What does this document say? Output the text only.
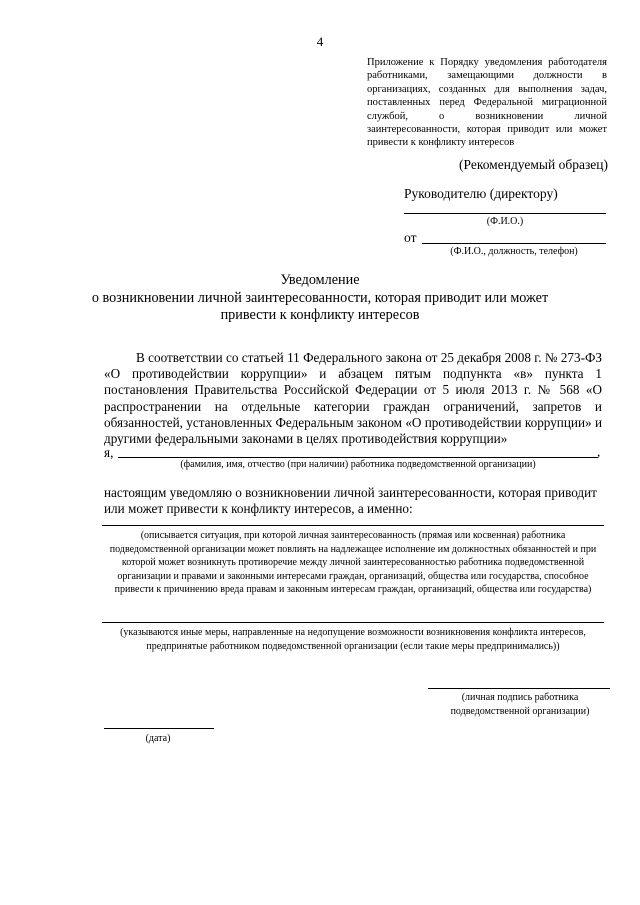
4
Приложение к Порядку уведомления работодателя работниками, замещающими должности в организациях, созданных для выполнения задач, поставленных перед Федеральной миграционной службой, о возникновении личной заинтересованности, которая приводит или может привести к конфликту интересов
(Рекомендуемый образец)
Руководителю (директору)
(Ф.И.О.)
от
(Ф.И.О., должность, телефон)
Уведомление
о возникновении личной заинтересованности, которая приводит или может
привести к конфликту интересов
В соответствии со статьей 11 Федерального закона от 25 декабря 2008 г. № 273-ФЗ «О противодействии коррупции» и абзацем пятым подпункта «в» пункта 1 постановления Правительства Российской Федерации от 5 июля 2013 г. № 568 «О распространении на отдельные категории граждан ограничений, запретов и обязанностей, установленных Федеральным законом «О противодействии коррупции» и другими федеральными законами в целях противодействия коррупции»
я,	,
(фамилия, имя, отчество (при наличии) работника подведомственной организации)
настоящим уведомляю о возникновении личной заинтересованности, которая приводит или может привести к конфликту интересов, а именно:
(описывается ситуация, при которой личная заинтересованность (прямая или косвенная) работника подведомственной организации может повлиять на надлежащее исполнение им должностных обязанностей и при которой может возникнуть противоречие между личной заинтересованностью работника подведомственной организации и правами и законными интересами граждан, организаций, общества или государства, способное привести к причинению вреда правам и законным интересам граждан, организаций, общества или государства)
(указываются иные меры, направленные на недопущение возможности возникновения конфликта интересов, предпринятые работником подведомственной организации (если такие меры предпринимались))
(личная подпись работника подведомственной организации)
(дата)
